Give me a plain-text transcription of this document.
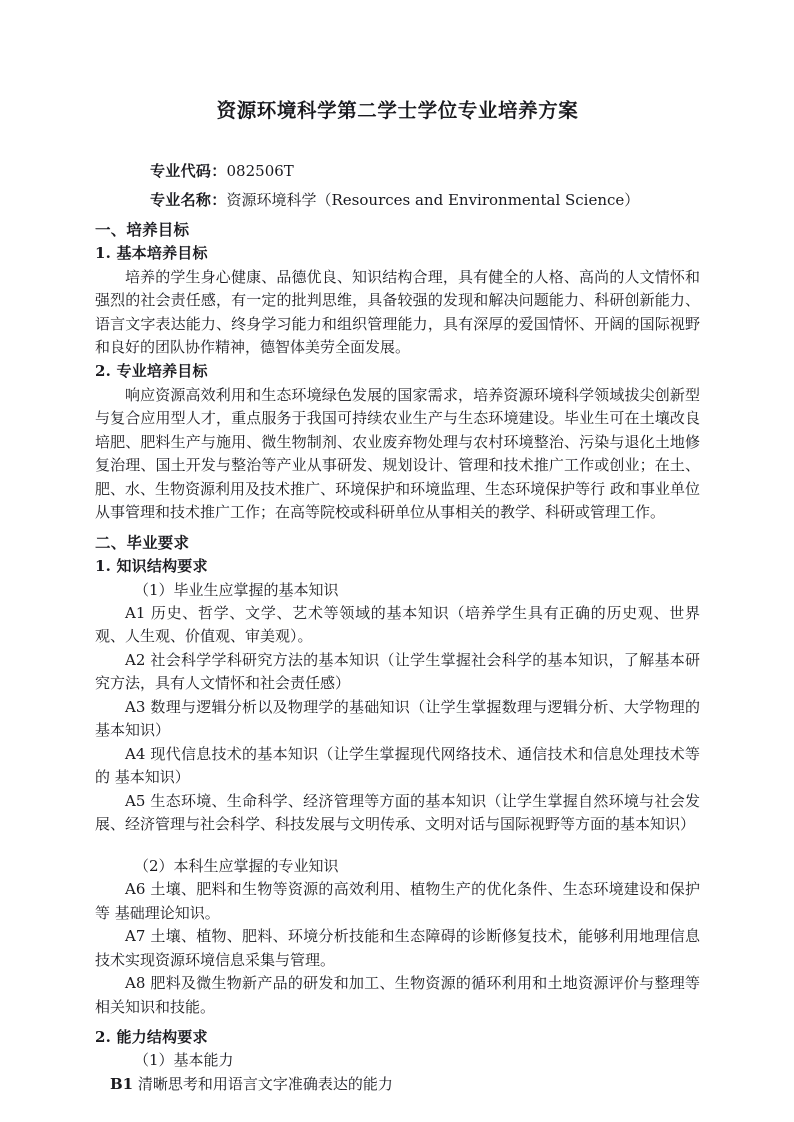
资源环境科学第二学士学位专业培养方案
专业代码：082506T
专业名称：资源环境科学（Resources and Environmental Science）
一、培养目标
1. 基本培养目标

培养的学生身心健康、品德优良、知识结构合理，具有健全的人格、高尚的人文情怀和强烈的社会责任感，有一定的批判思维，具备较强的发现和解决问题能力、科研创新能力、语言文字表达能力、终身学习能力和组织管理能力，具有深厚的爱国情怀、开阔的国际视野和良好的团队协作精神，德智体美劳全面发展。

2. 专业培养目标

响应资源高效利用和生态环境绿色发展的国家需求，培养资源环境科学领域拔尖创新型与复合应用型人才，重点服务于我国可持续农业生产与生态环境建设。毕业生可在土壤改良培肥、肥料生产与施用、微生物制剂、农业废弃物处理与农村环境整治、污染与退化土地修复治理、国土开发与整治等产业从事研发、规划设计、管理和技术推广工作或创业；在土、肥、水、生物资源利用及技术推广、环境保护和环境监理、生态环境保护等行 政和事业单位从事管理和技术推广工作；在高等院校或科研单位从事相关的教学、科研或管理工作。

二、毕业要求
1. 知识结构要求

（1）毕业生应掌握的基本知识

A1 历史、哲学、文学、艺术等领域的基本知识（培养学生具有正确的历史观、世界观、人生观、价值观、审美观）。

A2 社会科学学科研究方法的基本知识（让学生掌握社会科学的基本知识，了解基本研究方法，具有人文情怀和社会责任感）

A3 数理与逻辑分析以及物理学的基础知识（让学生掌握数理与逻辑分析、大学物理的基本知识）

A4 现代信息技术的基本知识（让学生掌握现代网络技术、通信技术和信息处理技术等 的 基本知识）

A5 生态环境、生命科学、经济管理等方面的基本知识（让学生掌握自然环境与社会发展、经济管理与社会科学、科技发展与文明传承、文明对话与国际视野等方面的基本知识）

（2）本科生应掌握的专业知识

A6 土壤、肥料和生物等资源的高效利用、植物生产的优化条件、生态环境建设和保护等 基础理论知识。

A7 土壤、植物、肥料、环境分析技能和生态障碍的诊断修复技术，能够利用地理信息技术实现资源环境信息采集与管理。

A8 肥料及微生物新产品的研发和加工、生物资源的循环利用和土地资源评价与整理等相关知识和技能。

2. 能力结构要求

（1）基本能力

B1 清晰思考和用语言文字准确表达的能力
